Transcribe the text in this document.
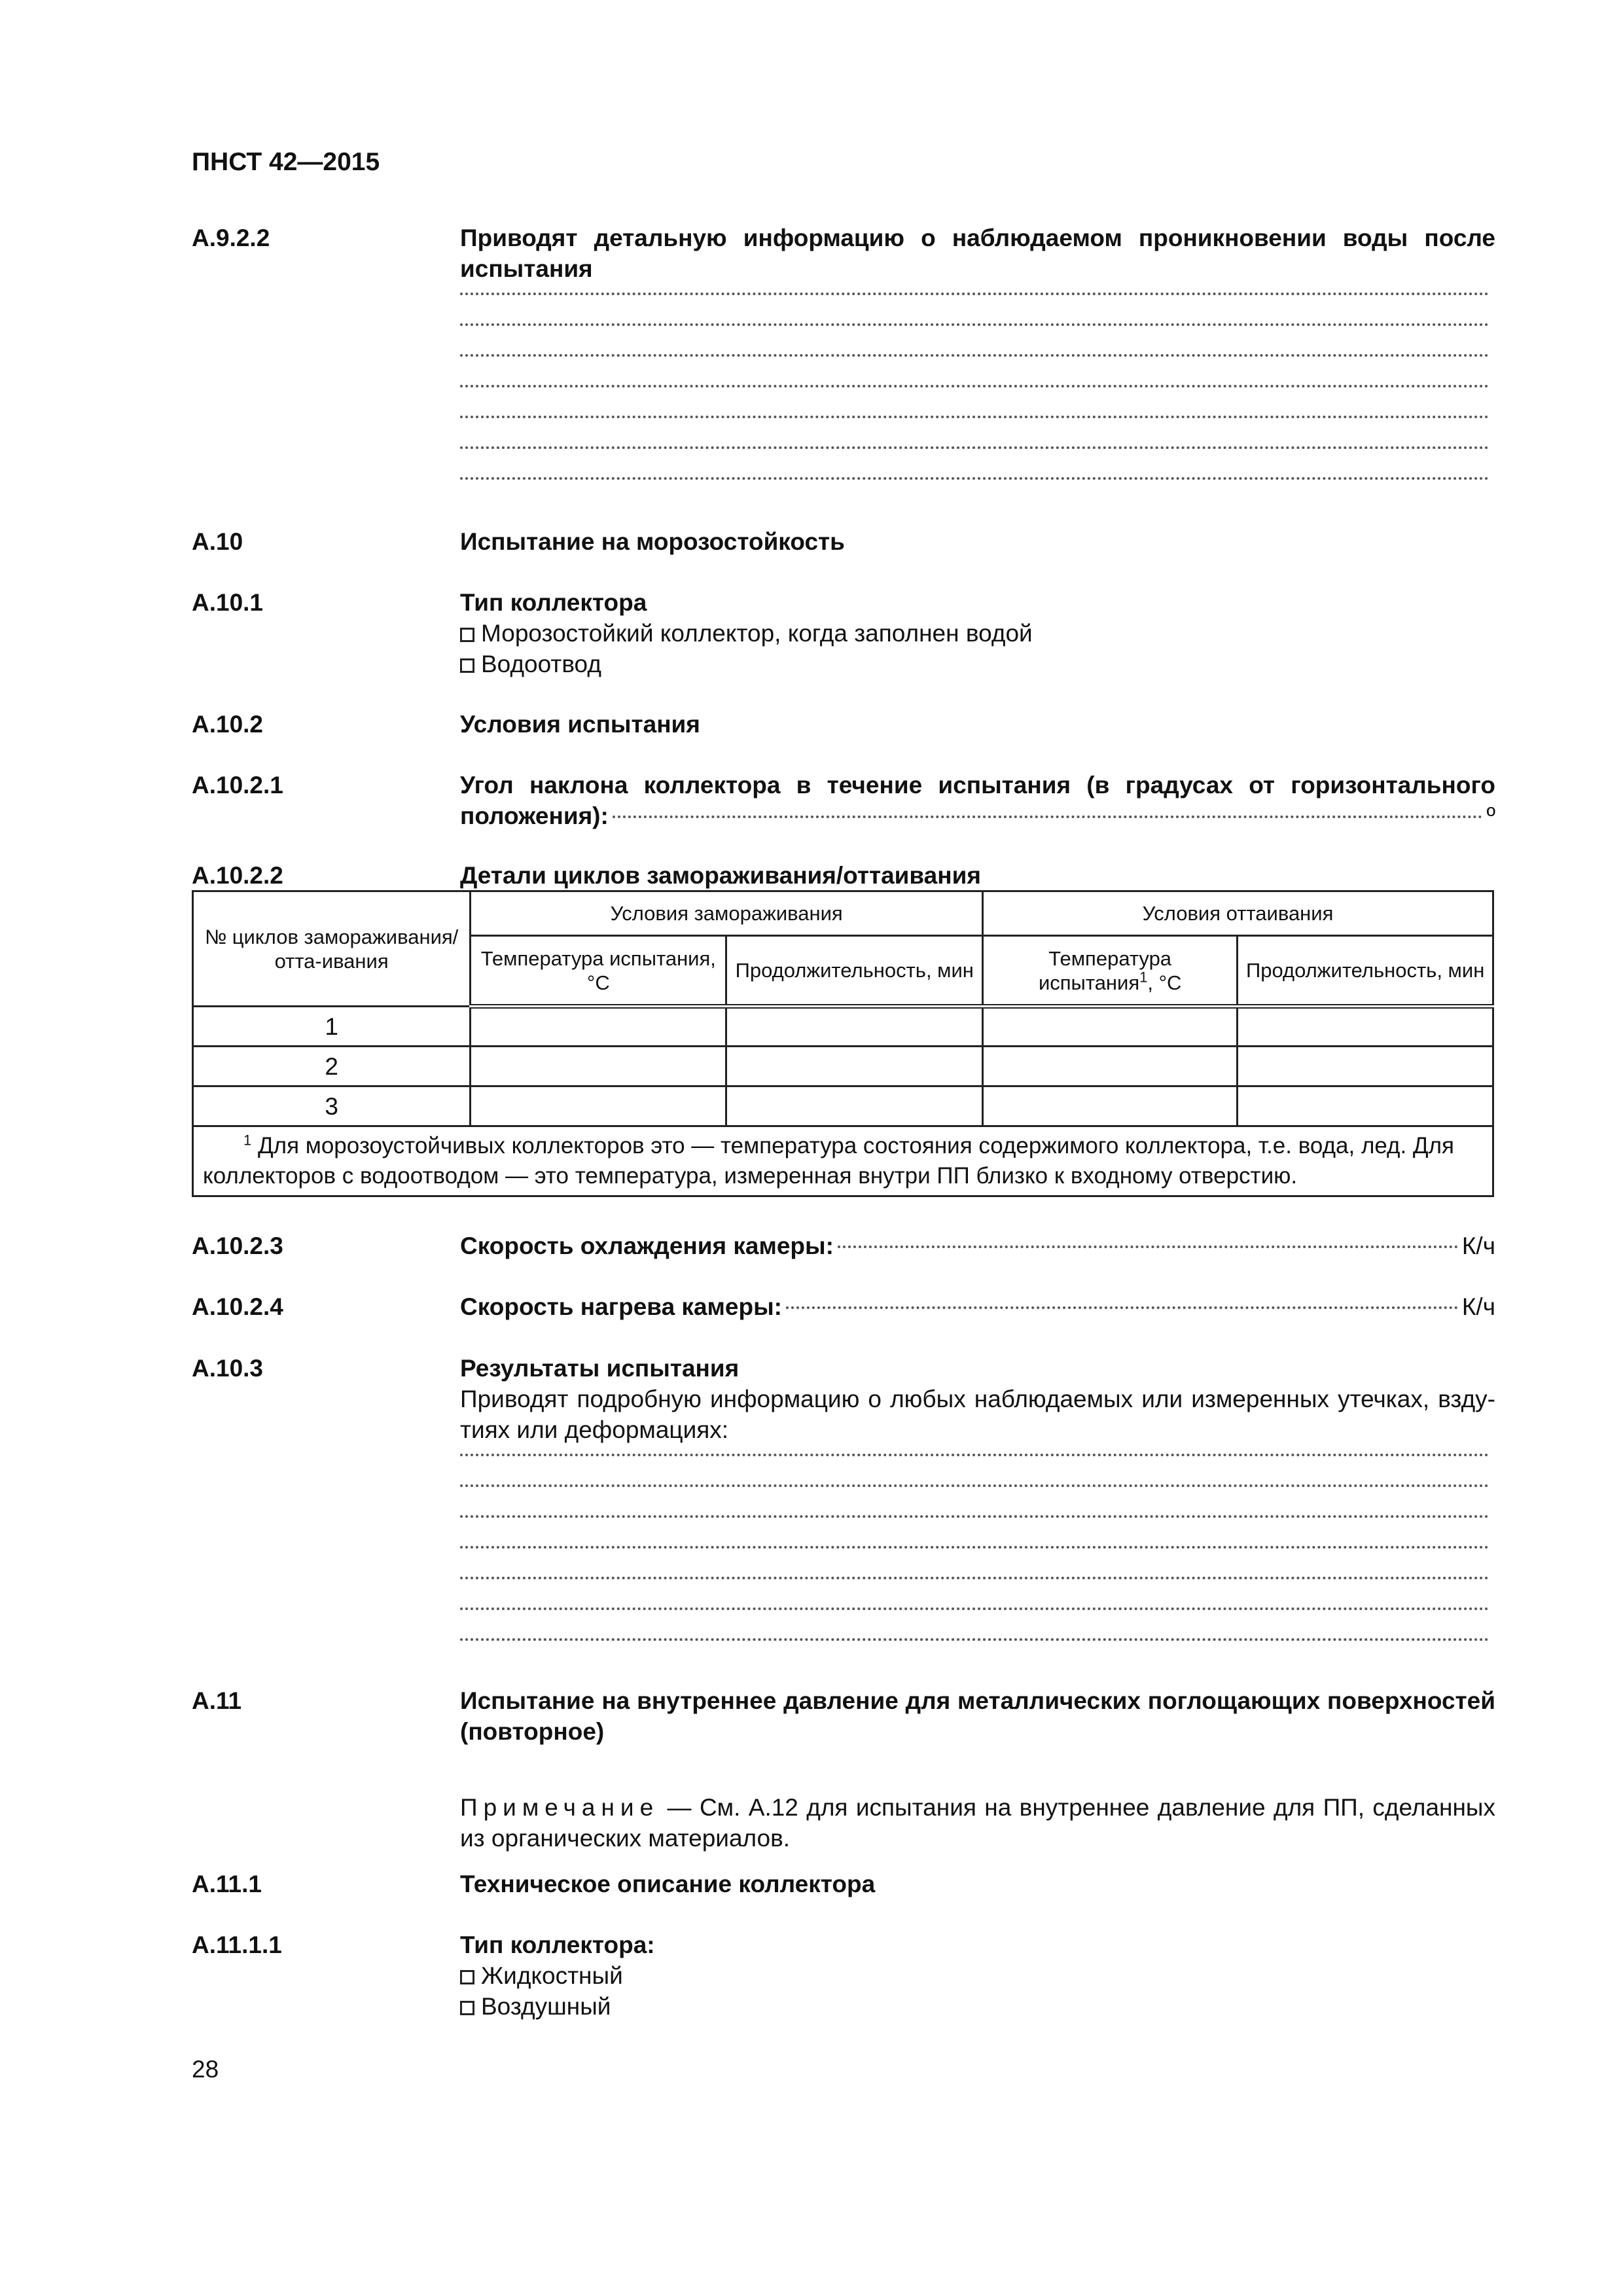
ПНСТ 42—2015
А.9.2.2	Приводят детальную информацию о наблюдаемом проникновении воды после испытания
А.10	Испытание на морозостойкость
А.10.1	Тип коллектора
Морозостойкий коллектор, когда заполнен водой
Водоотвод
А.10.2	Условия испытания
А.10.2.1	Угол наклона коллектора в течение испытания (в градусах от горизонтального
положения):	º
А.10.2.2	Детали циклов замораживания/оттаивания
№ циклов замораживания/отта-ивания	Условия замораживания		Условия оттаивания	
	Температура испытания, °С	Продолжительность, мин	Температура испытания$^1$, °С	Продолжительность, мин
1				
2				
3				
$^1$ Для морозоустойчивых коллекторов это — температура состояния содержимого коллектора, т.е. вода, лед. Для коллекторов с водоотводом — это температура, измеренная внутри ПП близко к входному отверстию.				
А.10.2.3	Скорость охлаждения камеры:	К/ч
А.10.2.4	Скорость нагрева камеры:	К/ч
А.10.3	Результаты испытания
Приводят подробную информацию о любых наблюдаемых или измеренных утечках, взду-тиях или деформациях:
А.11	Испытание на внутреннее давление для металлических поглощающих поверхностей (повторное)
Примечание — См. А.12 для испытания на внутреннее давление для ПП, сделанных из органических материалов.
А.11.1	Техническое описание коллектора
А.11.1.1	Тип коллектора:
Жидкостный
Воздушный
28
